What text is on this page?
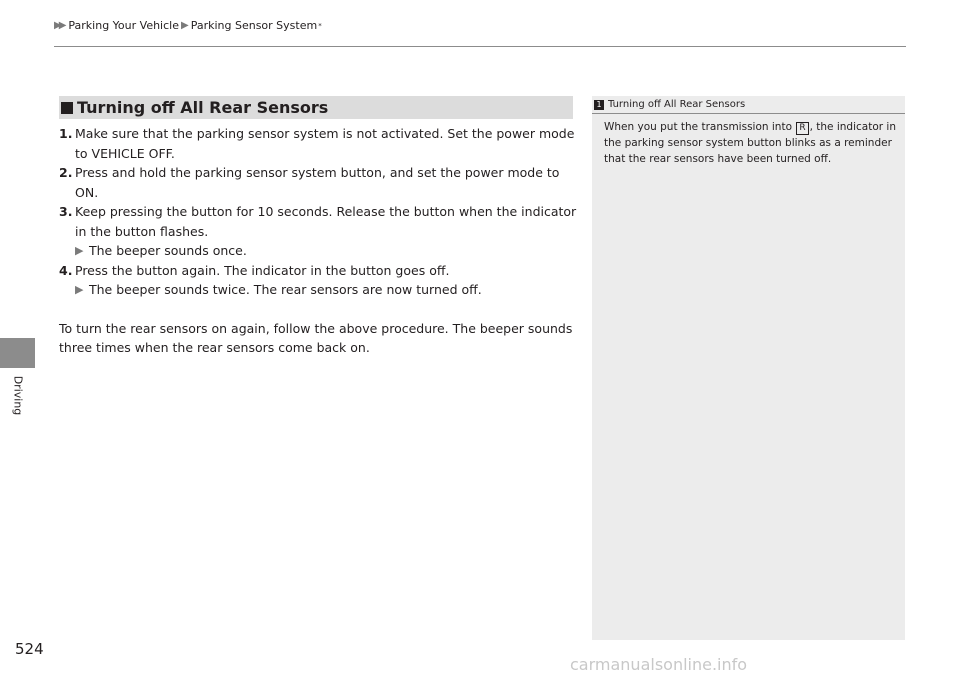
▶▶ Parking Your Vehicle ▶ Parking Sensor System *
Driving
Turning off All Rear Sensors
1. Make sure that the parking sensor system is not activated. Set the power mode to VEHICLE OFF.
2. Press and hold the parking sensor system button, and set the power mode to ON.
3. Keep pressing the button for 10 seconds. Release the button when the indicator in the button flashes.
▶ The beeper sounds once.
4. Press the button again. The indicator in the button goes off.
▶ The beeper sounds twice. The rear sensors are now turned off.
To turn the rear sensors on again, follow the above procedure. The beeper sounds three times when the rear sensors come back on.
1 Turning off All Rear Sensors
When you put the transmission into R , the indicator in the parking sensor system button blinks as a reminder that the rear sensors have been turned off.
524
carmanualsonline.info
